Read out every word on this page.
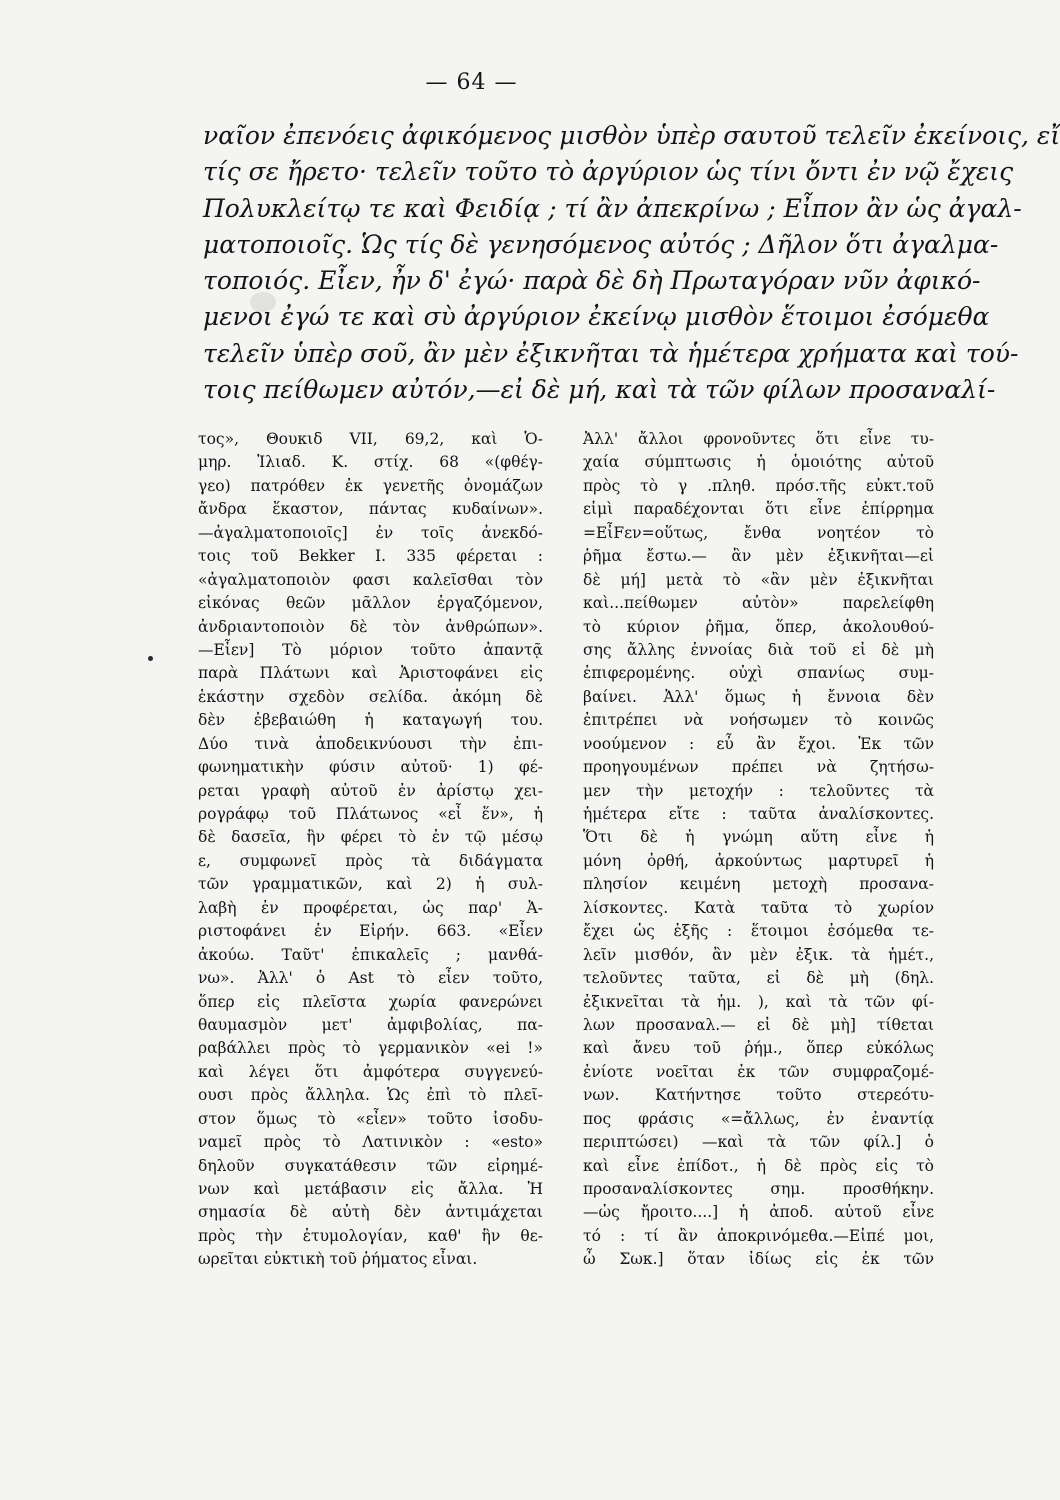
— 64 —
ναῖον ἐπενόεις ἀφικόμενος μισθὸν ὑπὲρ σαυτοῦ τελεῖν ἐκείνοις, εἴ
τίς σε ἤρετο· τελεῖν τοῦτο τὸ ἀργύριον ὡς τίνι ὄντι ἐν νῷ ἔχεις
Πολυκλείτῳ τε καὶ Φειδίᾳ ; τί ἂν ἀπεκρίνω ; Εἶπον ἂν ὡς ἀγαλ-
ματοποιοῖς. Ὡς τίς δὲ γενησόμενος αὐτός ; Δῆλον ὅτι ἀγαλμα-
τοποιός. Εἶεν, ἦν δ' ἐγώ· παρὰ δὲ δὴ Πρωταγόραν νῦν ἀφικό-
μενοι ἐγώ τε καὶ σὺ ἀργύριον ἐκείνῳ μισθὸν ἕτοιμοι ἐσόμεθα
τελεῖν ὑπὲρ σοῦ, ἂν μὲν ἐξικνῆται τὰ ἡμέτερα χρήματα καὶ τού-
τοις πείθωμεν αὐτόν,—εἰ δὲ μή, καὶ τὰ τῶν φίλων προσαναλί-
τος», Θουκιδ VII, 69,2, καὶ Ὁ-
μηρ. Ἰλιαδ. Κ. στίχ. 68 «(φθέγ-
γεο) πατρόθεν ἐκ γενετῆς ὀνομάζων
ἄνδρα ἕκαστον, πάντας κυδαίνων».
—ἀγαλματοποιοῖς] ἐν τοῖς ἀνεκδό-
τοις τοῦ Bekker I. 335 φέρεται :
«ἀγαλματοποιὸν φασι καλεῖσθαι τὸν
εἰκόνας θεῶν μᾶλλον ἐργαζόμενον,
ἀνδριαντοποιὸν δὲ τὸν ἀνθρώπων».
—Εἶεν] Τὸ μόριον τοῦτο ἀπαντᾷ
παρὰ Πλάτωνι καὶ Ἀριστοφάνει εἰς
ἑκάστην σχεδὸν σελίδα. ἀκόμη δὲ
δὲν ἐβεβαιώθη ἡ καταγωγή του.
Δύο τινὰ ἀποδεικνύουσι τὴν ἐπι-
φωνηματικὴν φύσιν αὐτοῦ· 1) φέ-
ρεται γραφὴ αὐτοῦ ἐν ἀρίστῳ χει-
ρογράφῳ τοῦ Πλάτωνος «εἶ ἕν», ἡ
δὲ δασεῖα, ἣν φέρει τὸ ἐν τῷ μέσῳ
ε, συμφωνεῖ πρὸς τὰ διδάγματα
τῶν γραμματικῶν, καὶ 2) ἡ συλ-
λαβὴ ἐν προφέρεται, ὡς παρ' Ἀ-
ριστοφάνει ἐν Εἰρήν. 663. «Εἶεν
ἀκούω. Ταῦτ' ἐπικαλεῖς ; μανθά-
νω». Ἀλλ' ὁ Ast τὸ εἶεν τοῦτο,
ὅπερ εἰς πλεῖστα χωρία φανερώνει
θαυμασμὸν μετ' ἀμφιβολίας, πα-
ραβάλλει πρὸς τὸ γερμανικὸν «ei !»
καὶ λέγει ὅτι ἀμφότερα συγγενεύ-
ουσι πρὸς ἄλληλα. Ὡς ἐπὶ τὸ πλεῖ-
στον ὅμως τὸ «εἶεν» τοῦτο ἰσοδυ-
ναμεῖ πρὸς τὸ Λατινικὸν : «esto»
δηλοῦν συγκατάθεσιν τῶν εἰρημέ-
νων καὶ μετάβασιν εἰς ἄλλα. Ἡ
σημασία δὲ αὐτὴ δὲν ἀντιμάχεται
πρὸς τὴν ἐτυμολογίαν, καθ' ἣν θε-
ωρεῖται εὐκτικὴ τοῦ ῥήματος εἶναι.
Ἀλλ' ἄλλοι φρονοῦντες ὅτι εἶνε τυ-
χαία σύμπτωσις ἡ ὁμοιότης αὐτοῦ
πρὸς τὸ γ .πληθ. πρόσ.τῆς εὐκτ.τοῦ
εἰμὶ παραδέχονται ὅτι εἶνε ἐπίρρημα
=ΕἶFεν=οὕτως, ἔνθα νοητέον τὸ
ῥῆμα ἔστω.— ἂν μὲν ἐξικνῆται—εἰ
δὲ μή] μετὰ τὸ «ἂν μὲν ἐξικνῆται
καὶ...πείθωμεν αὐτὸν» παρελείφθη
τὸ κύριον ῥῆμα, ὅπερ, ἀκολουθού-
σης ἄλλης ἐννοίας διὰ τοῦ εἰ δὲ μὴ
ἐπιφερομένης. οὐχὶ σπανίως συμ-
βαίνει. Ἀλλ' ὅμως ἡ ἔννοια δὲν
ἐπιτρέπει νὰ νοήσωμεν τὸ κοινῶς
νοούμενον : εὖ ἂν ἔχοι. Ἐκ τῶν
προηγουμένων πρέπει νὰ ζητήσω-
μεν τὴν μετοχήν : τελοῦντες τὰ
ἡμέτερα εἴτε : ταῦτα ἀναλίσκοντες.
Ὅτι δὲ ἡ γνώμη αὕτη εἶνε ἡ
μόνη ὀρθή, ἀρκούντως μαρτυρεῖ ἡ
πλησίον κειμένη μετοχὴ προσανα-
λίσκοντες. Κατὰ ταῦτα τὸ χωρίον
ἔχει ὡς ἑξῆς : ἕτοιμοι ἐσόμεθα τε-
λεῖν μισθόν, ἂν μὲν ἐξικ. τὰ ἡμέτ.,
τελοῦντες ταῦτα, εἰ δὲ μὴ (δηλ.
ἐξικνεῖται τὰ ἡμ. ), καὶ τὰ τῶν φί-
λων προσαναλ.— εἰ δὲ μὴ] τίθεται
καὶ ἄνευ τοῦ ῥήμ., ὅπερ εὐκόλως
ἐνίοτε νοεῖται ἐκ τῶν συμφραζομέ-
νων. Κατήντησε τοῦτο στερεότυ-
πος φράσις «=ἄλλως, ἐν ἐναντίᾳ
περιπτώσει) —καὶ τὰ τῶν φίλ.] ὁ
καὶ εἶνε ἐπίδοτ., ἡ δὲ πρὸς εἰς τὸ
προσαναλίσκοντες σημ. προσθήκην.
—ὡς ἤροιτο....] ἡ ἀποδ. αὐτοῦ εἶνε
τό : τί ἂν ἀποκρινόμεθα.—Εἰπέ μοι,
ὦ Σωκ.] ὅταν ἰδίως εἰς ἐκ τῶν
